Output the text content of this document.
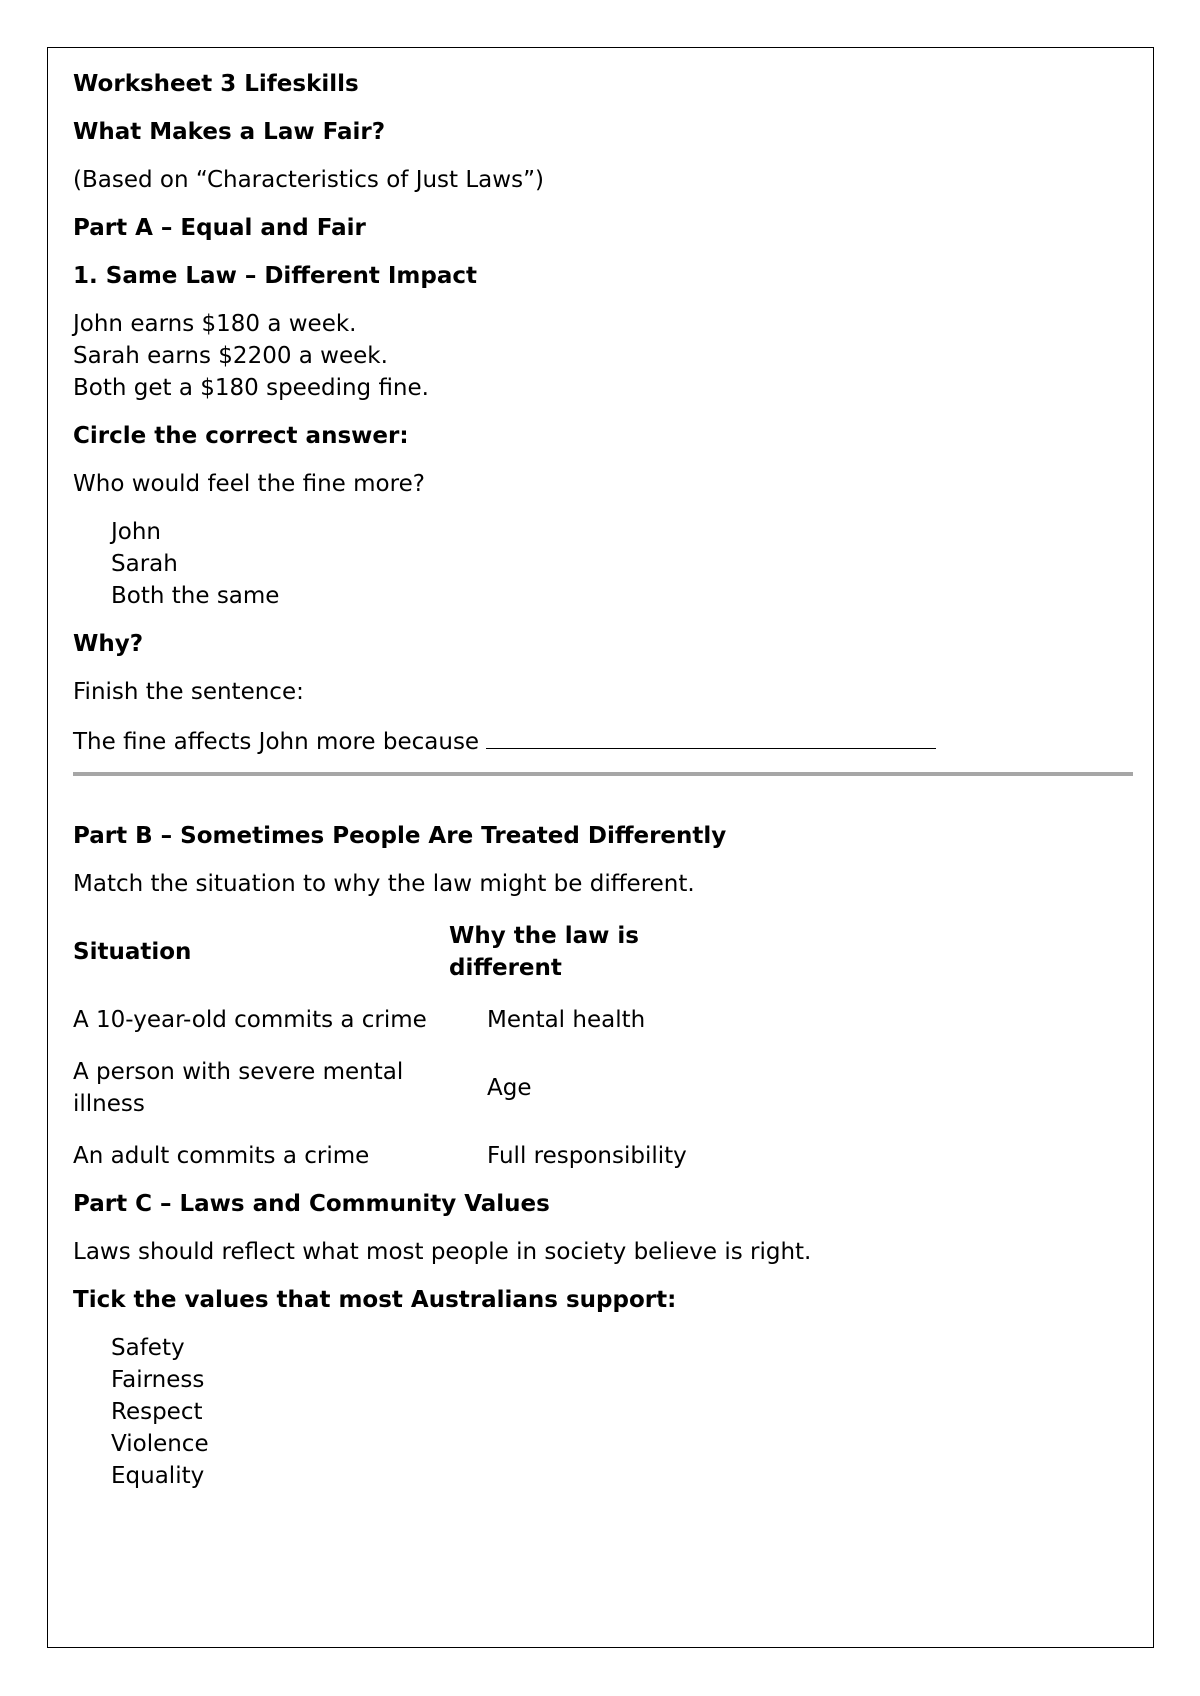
Worksheet 3 Lifeskills

What Makes a Law Fair?

(Based on “Characteristics of Just Laws”)

Part A – Equal and Fair

1. Same Law – Different Impact

John earns $180 a week.
Sarah earns $2200 a week.
Both get a $180 speeding fine.

Circle the correct answer:

Who would feel the fine more?

John
Sarah
Both the same

Why?

Finish the sentence:

The fine affects John more because

Part B – Sometimes People Are Treated Differently

Match the situation to why the law might be different.

Situation	Why the law is different
A 10-year-old commits a crime	Mental health
A person with severe mental illness	Age
An adult commits a crime	Full responsibility

Part C – Laws and Community Values

Laws should reflect what most people in society believe is right.

Tick the values that most Australians support:

Safety
Fairness
Respect
Violence
Equality
